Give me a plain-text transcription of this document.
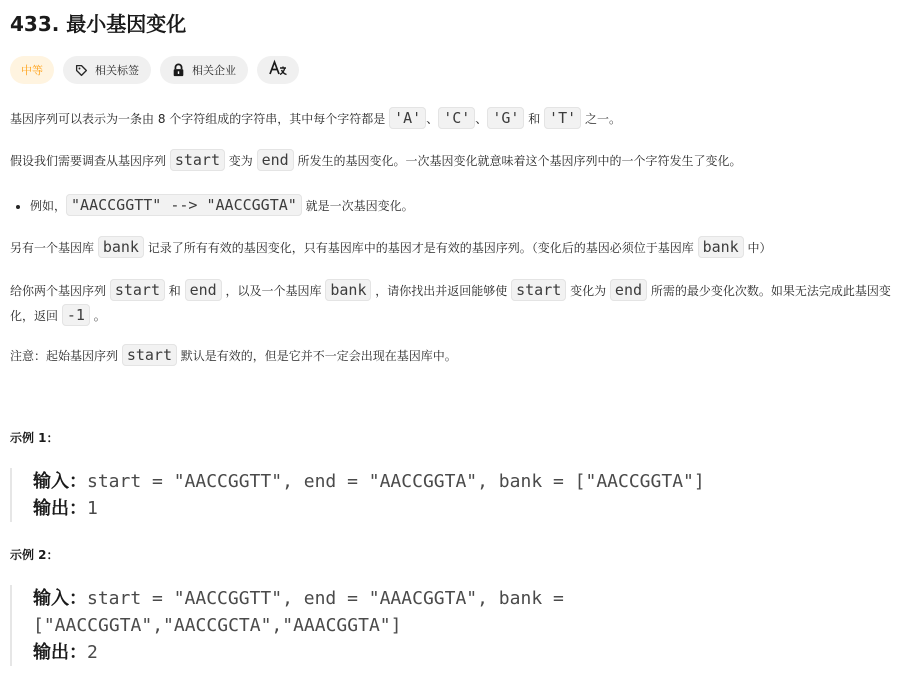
433. 最小基因变化
中等	相关标签	相关企业
基因序列可以表示为一条由 8 个字符组成的字符串，其中每个字符都是 'A' 、 'C' 、 'G' 和 'T' 之一。
假设我们需要调查从基因序列 start 变为 end 所发生的基因变化。一次基因变化就意味着这个基因序列中的一个字符发生了变化。
• 例如， "AACCGGTT" --> "AACCGGTA" 就是一次基因变化。
另有一个基因库 bank 记录了所有有效的基因变化，只有基因库中的基因才是有效的基因序列。（变化后的基因必须位于基因库 bank 中）
给你两个基因序列 start 和 end ，以及一个基因库 bank ，请你找出并返回能够使 start 变化为 end 所需的最少变化次数。如果无法完成此基因变化，返回 -1 。
注意：起始基因序列 start 默认是有效的，但是它并不一定会出现在基因库中。
示例 1：
输入：start = "AACCGGTT", end = "AACCGGTA", bank = ["AACCGGTA"]
输出：1
示例 2：
输入：start = "AACCGGTT", end = "AAACGGTA", bank =
["AACCGGTA","AACCGCTA","AAACGGTA"]
输出：2
